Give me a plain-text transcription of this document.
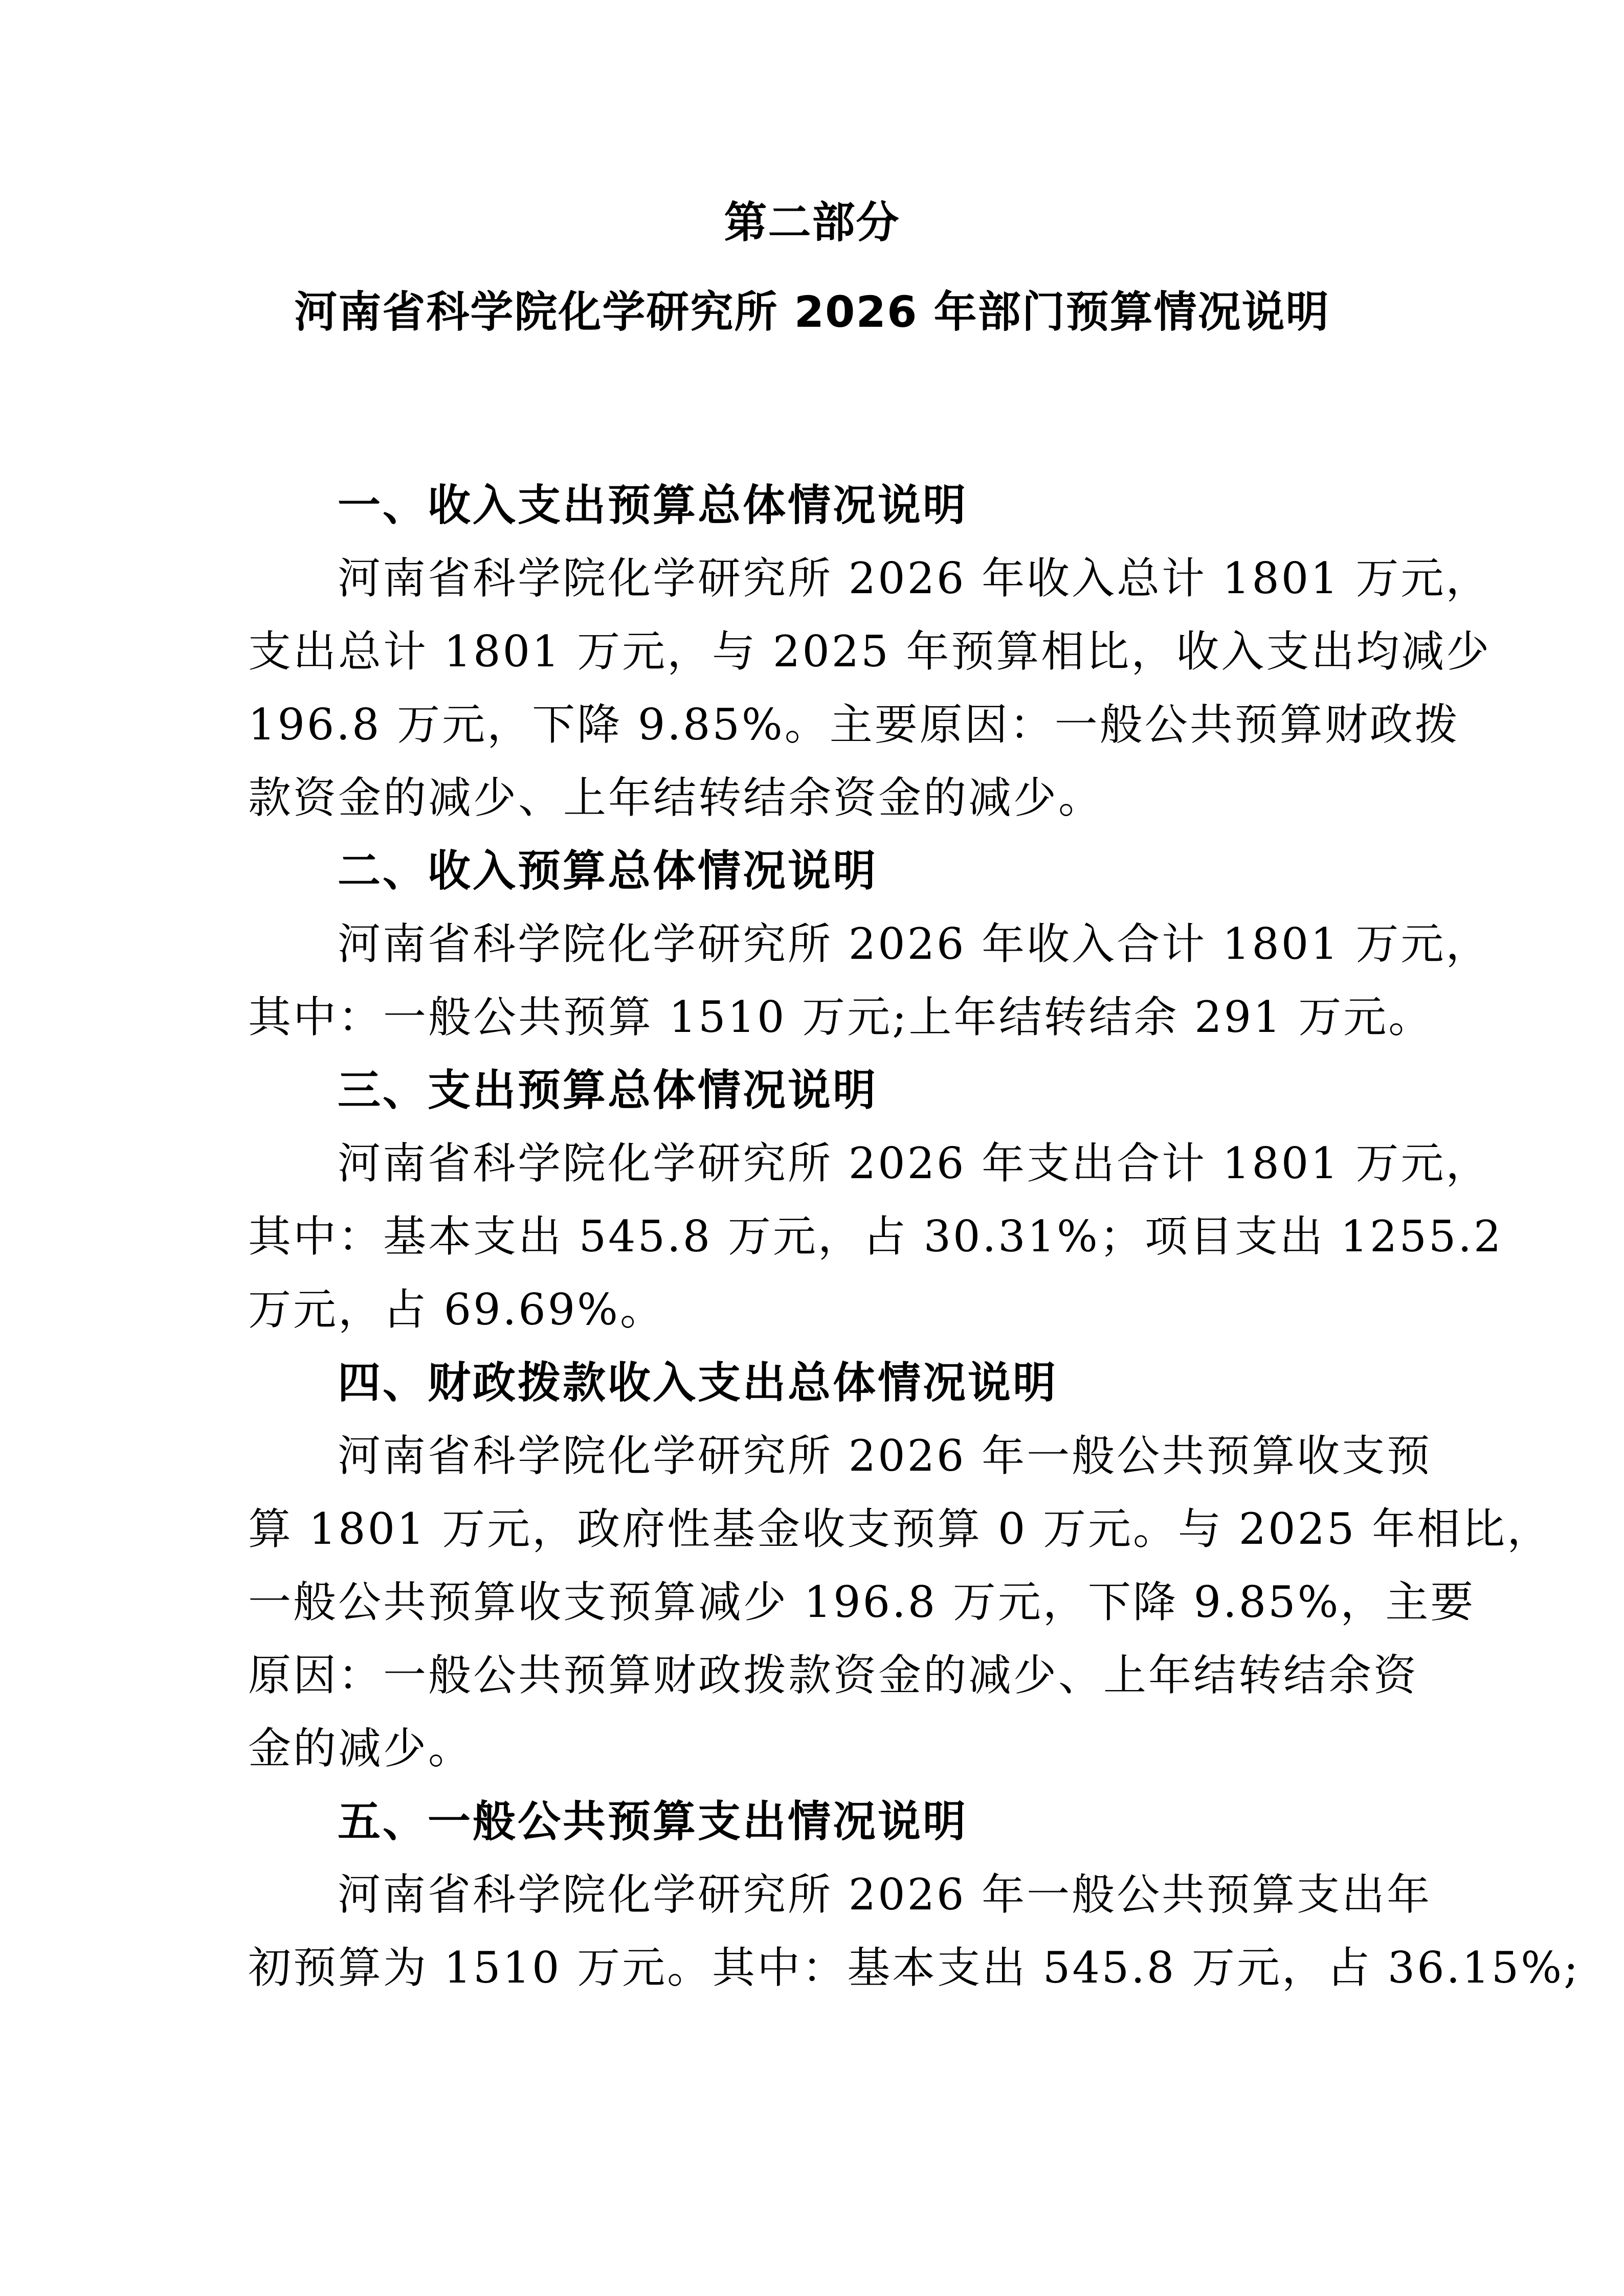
第二部分
河南省科学院化学研究所 2026 年部门预算情况说明

一、收入支出预算总体情况说明

河南省科学院化学研究所 2026 年收入总计 1801 万元，
支出总计 1801 万元，与 2025 年预算相比，收入支出均减少
196.8 万元，下降 9.85%。主要原因：一般公共预算财政拨
款资金的减少、上年结转结余资金的减少。

二、收入预算总体情况说明

河南省科学院化学研究所 2026 年收入合计 1801 万元，
其中：一般公共预算 1510 万元;上年结转结余 291 万元。

三、支出预算总体情况说明

河南省科学院化学研究所 2026 年支出合计 1801 万元，
其中：基本支出 545.8 万元，占 30.31%；项目支出 1255.2
万元，占 69.69%。

四、财政拨款收入支出总体情况说明

河南省科学院化学研究所 2026 年一般公共预算收支预
算 1801 万元，政府性基金收支预算 0 万元。与 2025 年相比，
一般公共预算收支预算减少 196.8 万元，下降 9.85%，主要
原因：一般公共预算财政拨款资金的减少、上年结转结余资
金的减少。

五、一般公共预算支出情况说明

河南省科学院化学研究所 2026 年一般公共预算支出年
初预算为 1510 万元。其中：基本支出 545.8 万元，占 36.15%;
